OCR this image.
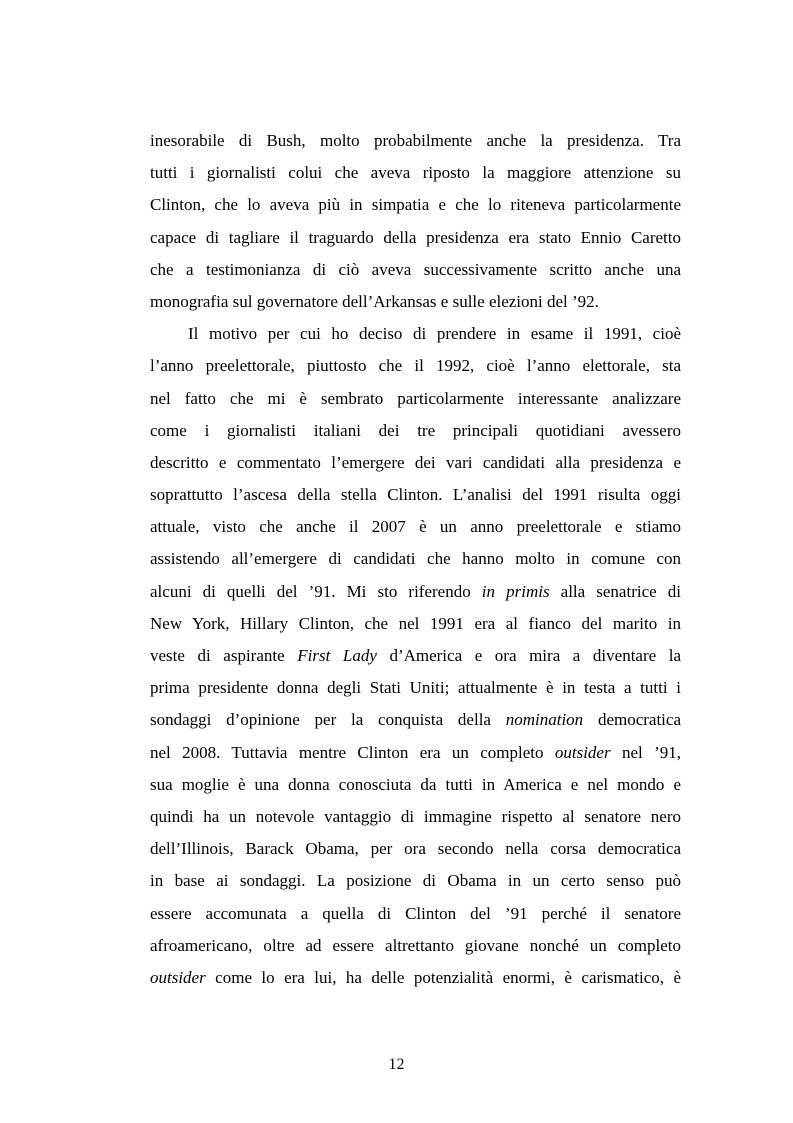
inesorabile di Bush, molto probabilmente anche la presidenza. Tra
tutti i giornalisti colui che aveva riposto la maggiore attenzione su
Clinton, che lo aveva più in simpatia e che lo riteneva particolarmente
capace di tagliare il traguardo della presidenza era stato Ennio Caretto
che a testimonianza di ciò aveva successivamente scritto anche una
monografia sul governatore dell’Arkansas e sulle elezioni del ’92.
Il motivo per cui ho deciso di prendere in esame il 1991, cioè
l’anno preelettorale, piuttosto che il 1992, cioè l’anno elettorale, sta
nel fatto che mi è sembrato particolarmente interessante analizzare
come i giornalisti italiani dei tre principali quotidiani avessero
descritto e commentato l’emergere dei vari candidati alla presidenza e
soprattutto l’ascesa della stella Clinton. L’analisi del 1991 risulta oggi
attuale, visto che anche il 2007 è un anno preelettorale e stiamo
assistendo all’emergere di candidati che hanno molto in comune con
alcuni di quelli del ’91. Mi sto riferendo in primis alla senatrice di
New York, Hillary Clinton, che nel 1991 era al fianco del marito in
veste di aspirante First Lady d’America e ora mira a diventare la
prima presidente donna degli Stati Uniti; attualmente è in testa a tutti i
sondaggi d’opinione per la conquista della nomination democratica
nel 2008. Tuttavia mentre Clinton era un completo outsider nel ’91,
sua moglie è una donna conosciuta da tutti in America e nel mondo e
quindi ha un notevole vantaggio di immagine rispetto al senatore nero
dell’Illinois, Barack Obama, per ora secondo nella corsa democratica
in base ai sondaggi. La posizione di Obama in un certo senso può
essere accomunata a quella di Clinton del ’91 perché il senatore
afroamericano, oltre ad essere altrettanto giovane nonché un completo
outsider come lo era lui, ha delle potenzialità enormi, è carismatico, è
12
